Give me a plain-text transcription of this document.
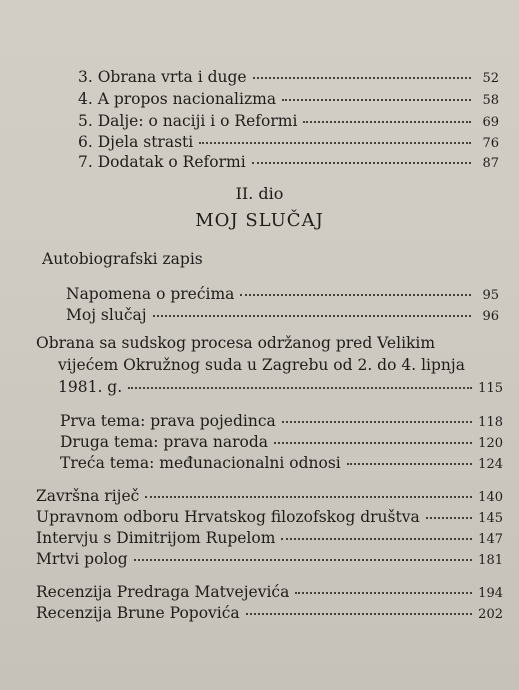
3. Obrana vrta i duge	52
4. A propos nacionalizma	58
5. Dalje: o naciji i o Reformi	69
6. Djela strasti	76
7. Dodatak o Reformi	87
II. dio
MOJ SLUČAJ
Autobiografski zapis
Napomena o prećima	95
Moj slučaj	96
Obrana sa sudskog procesa održanog pred Velikim
vijećem Okružnog suda u Zagrebu od 2. do 4. lipnja
1981. g.	115
Prva tema: prava pojedinca	118
Druga tema: prava naroda	120
Treća tema: međunacionalni odnosi	124
Završna riječ	140
Upravnom odboru Hrvatskog filozofskog društva	145
Intervju s Dimitrijom Rupelom	147
Mrtvi polog	181
Recenzija Predraga Matvejevića	194
Recenzija Brune Popovića	202
